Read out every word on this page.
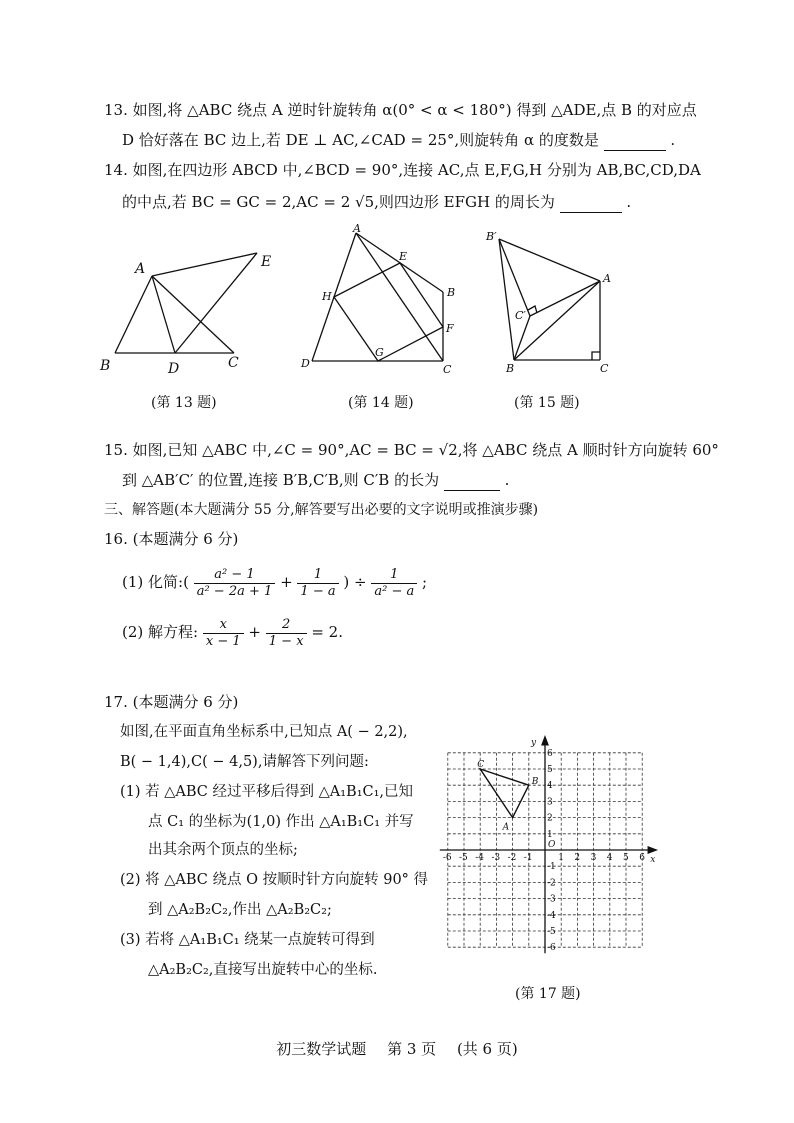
13. 如图,将 △ABC 绕点 A 逆时针旋转角 α(0° < α < 180°) 得到 △ADE,点 B 的对应点
D 恰好落在 BC 边上,若 DE ⊥ AC,∠CAD = 25°,则旋转角 α 的度数是	.
14. 如图,在四边形 ABCD 中,∠BCD = 90°,连接 AC,点 E,F,G,H 分别为 AB,BC,CD,DA
的中点,若 BC = GC = 2,AC = 2 √5,则四边形 EFGH 的周长为	.
A	E
B	D	C
(第 13 题)
A
E
B
H
F
D
G
C
(第 14 题)
B′
A
C′
B	C
(第 15 题)
15. 如图,已知 △ABC 中,∠C = 90°,AC = BC = √2,将 △ABC 绕点 A 顺时针方向旋转 60°
到 △AB′C′ 的位置,连接 B′B,C′B,则 C′B 的长为	.
三、解答题(本大题满分 55 分,解答要写出必要的文字说明或推演步骤)
16. (本题满分 6 分)
(1) 化简:( $\frac{\text{a² − 1}}{\text{a² − 2a + 1}} + \frac{1}{1 - a}$ ) ÷ $\frac{1}{\text{a² − a}}$ ;
(2) 解方程: $\frac{x}{x - 1} + \frac{2}{1 - x} = 2$.
17. (本题满分 6 分)
如图,在平面直角坐标系中,已知点 A( − 2,2),
B( − 1,4),C( − 4,5),请解答下列问题:
(1) 若 △ABC 经过平移后得到 △A₁B₁C₁,已知
点 C₁ 的坐标为(1,0) 作出 △A₁B₁C₁ 并写
出其余两个顶点的坐标;
(2) 将 △ABC 绕点 O 按顺时针方向旋转 90° 得
到 △A₂B₂C₂,作出 △A₂B₂C₂;
(3) 若将 △A₁B₁C₁ 绕某一点旋转可得到
△A₂B₂C₂,直接写出旋转中心的坐标.
-6 -5 -4 -3 -2 -1	1 2 3 4 5 6
6
5
4
3
2
1
-1
-2
-3
-4
-5
-6
x
y
O
A
B
C
(第 17 题)
初三数学试题 第 3 页 (共 6 页)
